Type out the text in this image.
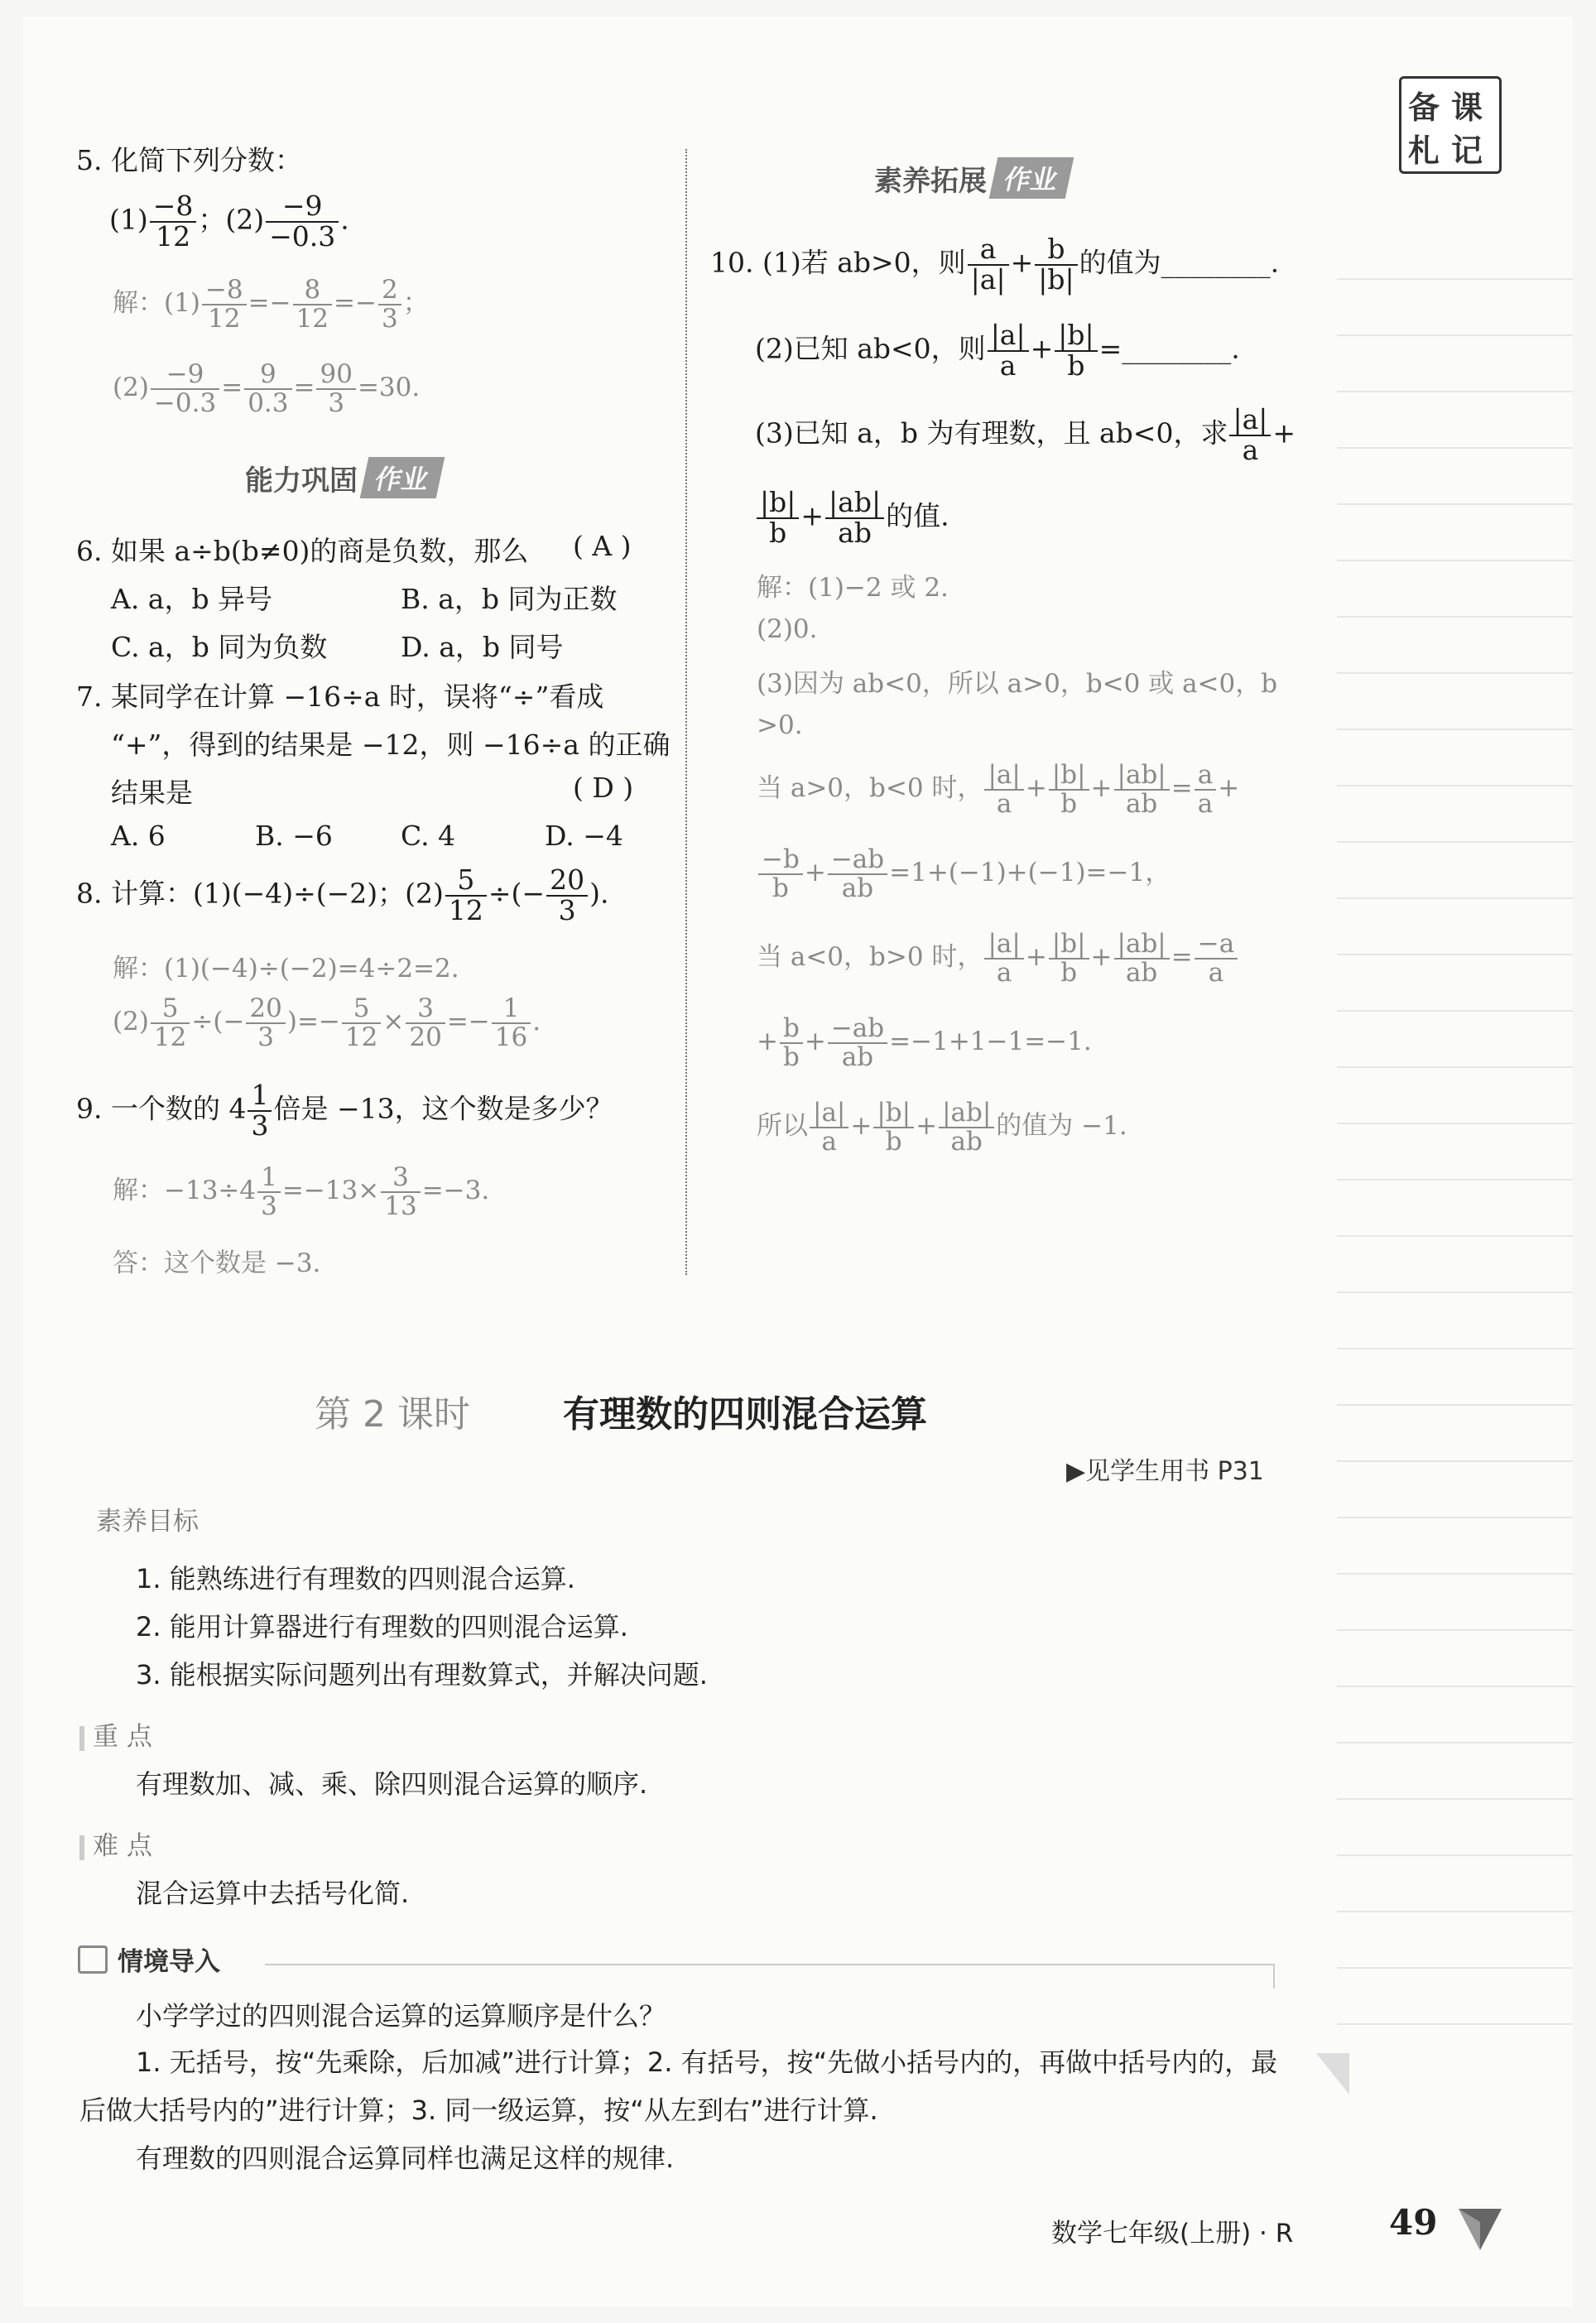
备 课
札 记
5. 化简下列分数：
$(1) \frac{-8}{12}$ ；$(2) \frac{-9}{-0.3}$ .
解：$(1) \frac{-8}{12} =- \frac{8}{12} =- \frac{2}{3}$ ；
$(2) \frac{-9}{-0.3} = \frac{9}{0.3} = \frac{90}{3} =30$.
能力巩固 作业
6. 如果 a÷b(b≠0)的商是负数，那么 ( A )
A. a，b 异号	B. a，b 同为正数
C. a，b 同为负数	D. a，b 同号
7. 某同学在计算 −16÷a 时，误将“÷”看成
“+”，得到的结果是 −12，则 −16÷a 的正确
结果是	( D )
A. 6	B. −6 C. 4	D. −4
8. 计算：(1)(−4)÷(−2)；$(2) \frac{5}{12}$ ÷(− $\frac{20}{3}$ ).
解：(1)(−4)÷(−2)=4÷2=2.
$(2) \frac{5}{12}$ ÷(− $\frac{20}{3}$ )=− $\frac{5}{12} \times \frac{3}{20} =- \frac{1}{16}$ .
9. 一个数的 $4 \frac{1}{3}$ 倍是 −13，这个数是多少？
解：$-13\div 4 \frac{1}{3} =-13\times \frac{3}{13} =-3$.
答：这个数是 −3.
素养拓展 作业
10. (1)若 ab>0，则 $\frac{a}{|a|} + \frac{b}{|b|}$ 的值为________.
(2)已知 ab<0，则 $\frac{|a|}{a} + \frac{|b|}{b}$ =________.
(3)已知 a，b 为有理数，且 ab<0，求 $\frac{|a|}{a}$ +
$\frac{|b|}{b} + \frac{|ab|}{ab}$ 的值.
解：(1)−2 或 2.
(2)0.
(3)因为 ab<0，所以 a>0，b<0 或 a<0，b
>0.
当 a>0，b<0 时， $\frac{|a|}{a} + \frac{|b|}{b} + \frac{|ab|}{ab} = \frac{a}{a}$ +
$\frac{-b}{b} + \frac{-ab}{ab} =1+(-1)+(-1)=-1$，
当 a<0，b>0 时， $\frac{|a|}{a} + \frac{|b|}{b} + \frac{|ab|}{ab} = \frac{-a}{a}$
+ $\frac{b}{b} + \frac{-ab}{ab} =-1+1-1=-1$.
所以 $\frac{|a|}{a} + \frac{|b|}{b} + \frac{|ab|}{ab}$ 的值为 −1.
第 2 课时	有理数的四则混合运算
▶见学生用书 P31
素养目标
1. 能熟练进行有理数的四则混合运算.
2. 能用计算器进行有理数的四则混合运算.
3. 能根据实际问题列出有理数算式，并解决问题.
重 点
有理数加、减、乘、除四则混合运算的顺序.
难 点
混合运算中去括号化简.
情境导入
小学学过的四则混合运算的运算顺序是什么？
1. 无括号，按“先乘除，后加减”进行计算；2. 有括号，按“先做小括号内的，再做中括号内的，最
后做大括号内的”进行计算；3. 同一级运算，按“从左到右”进行计算.
有理数的四则混合运算同样也满足这样的规律.
数学七年级(上册) · R	49
